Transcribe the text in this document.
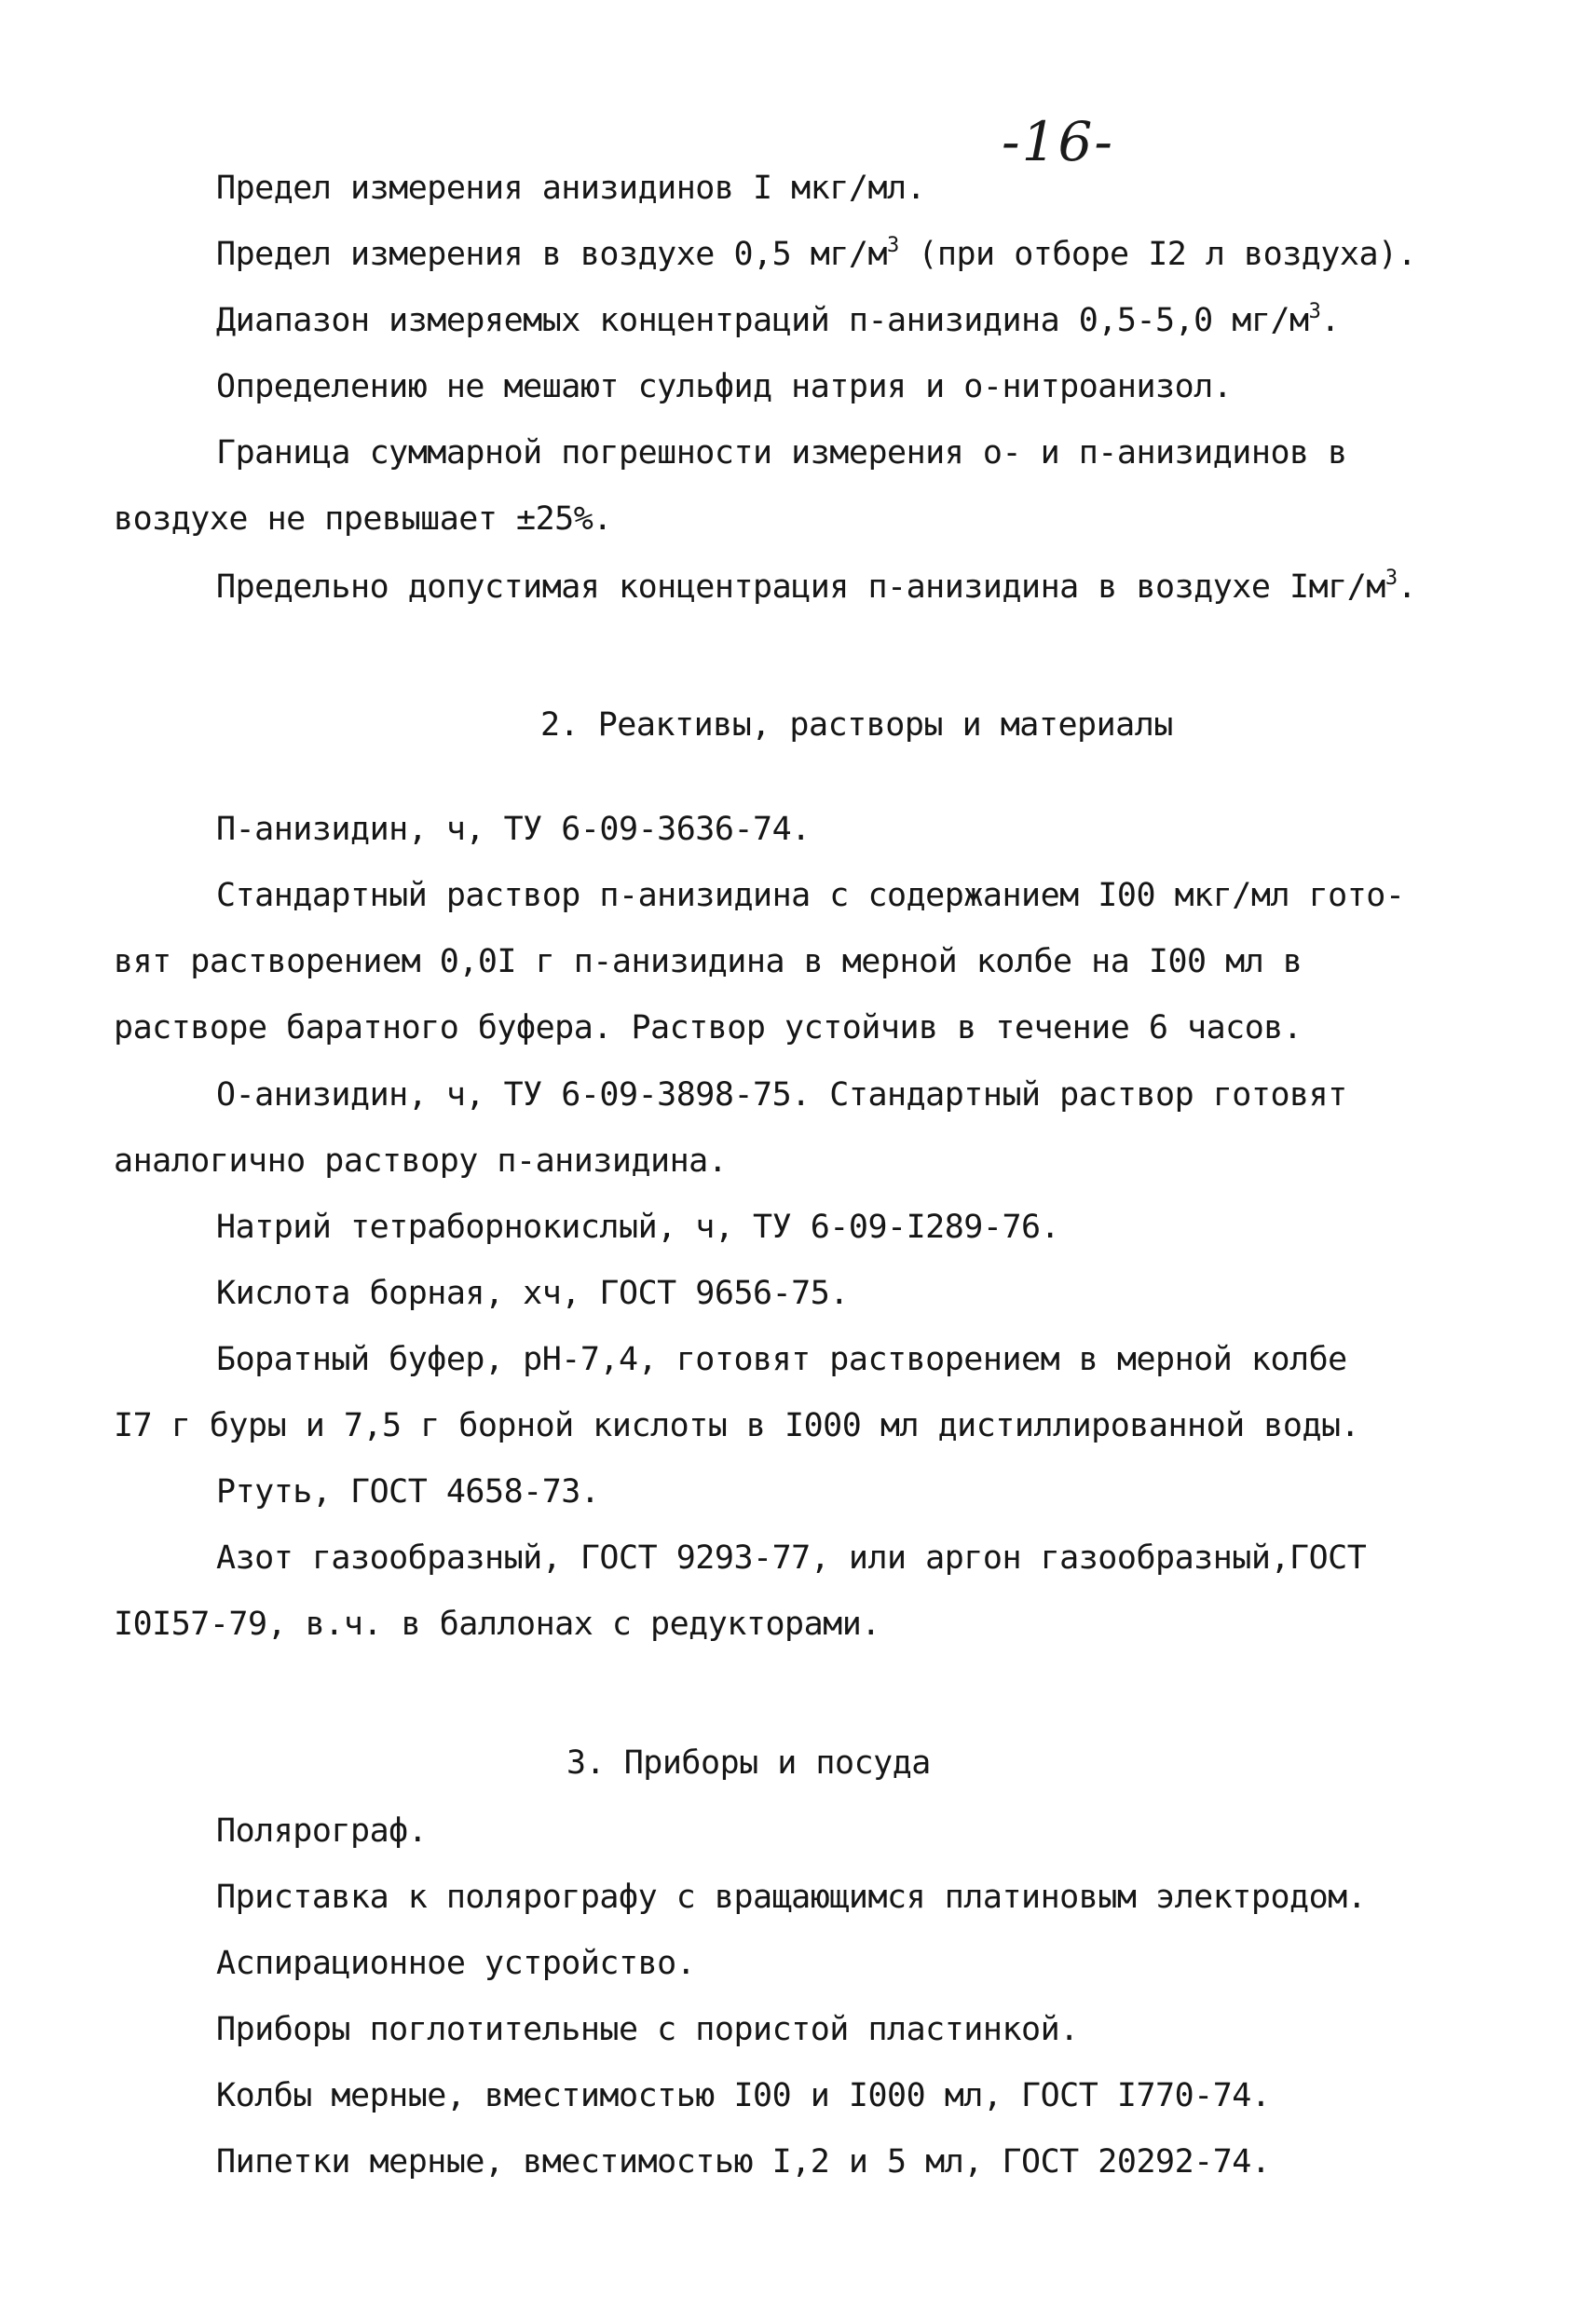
-16-
Предел измерения анизидинов I мкг/мл.
Предел измерения в воздухе 0,5 $мг/м^3$ (при отборе I2 л воздуха).
Диапазон измеряемых концентраций п-анизидина 0,5-5,0 $мг/м^3$.
Определению не мешают сульфид натрия и о-нитроанизол.
Граница суммарной погрешности измерения о- и п-анизидинов в
воздухе не превышает ±25%.
Предельно допустимая концентрация п-анизидина в воздухе Iмг/$м^3$.
2. Реактивы, растворы и материалы
П-анизидин, ч, ТУ 6-09-3636-74.
Стандартный раствор п-анизидина с содержанием I00 мкг/мл гото-
вят растворением 0,0I г п-анизидина в мерной колбе на I00 мл в
растворе баратного буфера. Раствор устойчив в течение 6 часов.
О-анизидин, ч, ТУ 6-09-3898-75. Стандартный раствор готовят
аналогично раствору п-анизидина.
Натрий тетраборнокислый, ч, ТУ 6-09-I289-76.
Кислота борная, хч, ГОСТ 9656-75.
Боратный буфер, рН-7,4, готовят растворением в мерной колбе
I7 г буры и 7,5 г борной кислоты в I000 мл дистиллированной воды.
Ртуть, ГОСТ 4658-73.
Азот газообразный, ГОСТ 9293-77, или аргон газообразный,ГОСТ
I0I57-79, в.ч. в баллонах с редукторами.
3. Приборы и посуда
Полярограф.
Приставка к полярографу с вращающимся платиновым электродом.
Аспирационное устройство.
Приборы поглотительные с пористой пластинкой.
Колбы мерные, вместимостью I00 и I000 мл, ГОСТ I770-74.
Пипетки мерные, вместимостью I,2 и 5 мл, ГОСТ 20292-74.
